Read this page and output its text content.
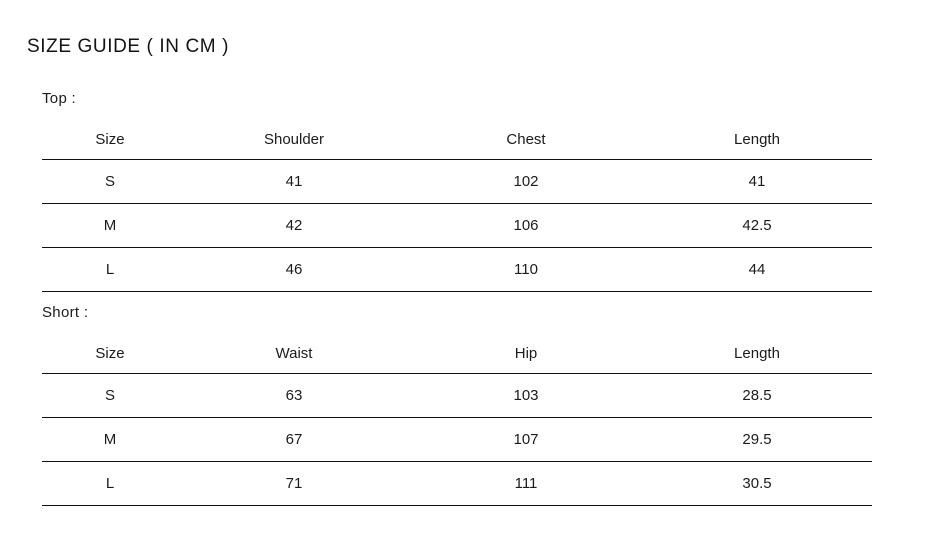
SIZE GUIDE ( IN CM )
Top :
Size	Shoulder	Chest	Length
S	41	102	41
M	42	106	42.5
L	46	110	44
Short :
Size	Waist	Hip	Length
S	63	103	28.5
M	67	107	29.5
L	71	111	30.5
